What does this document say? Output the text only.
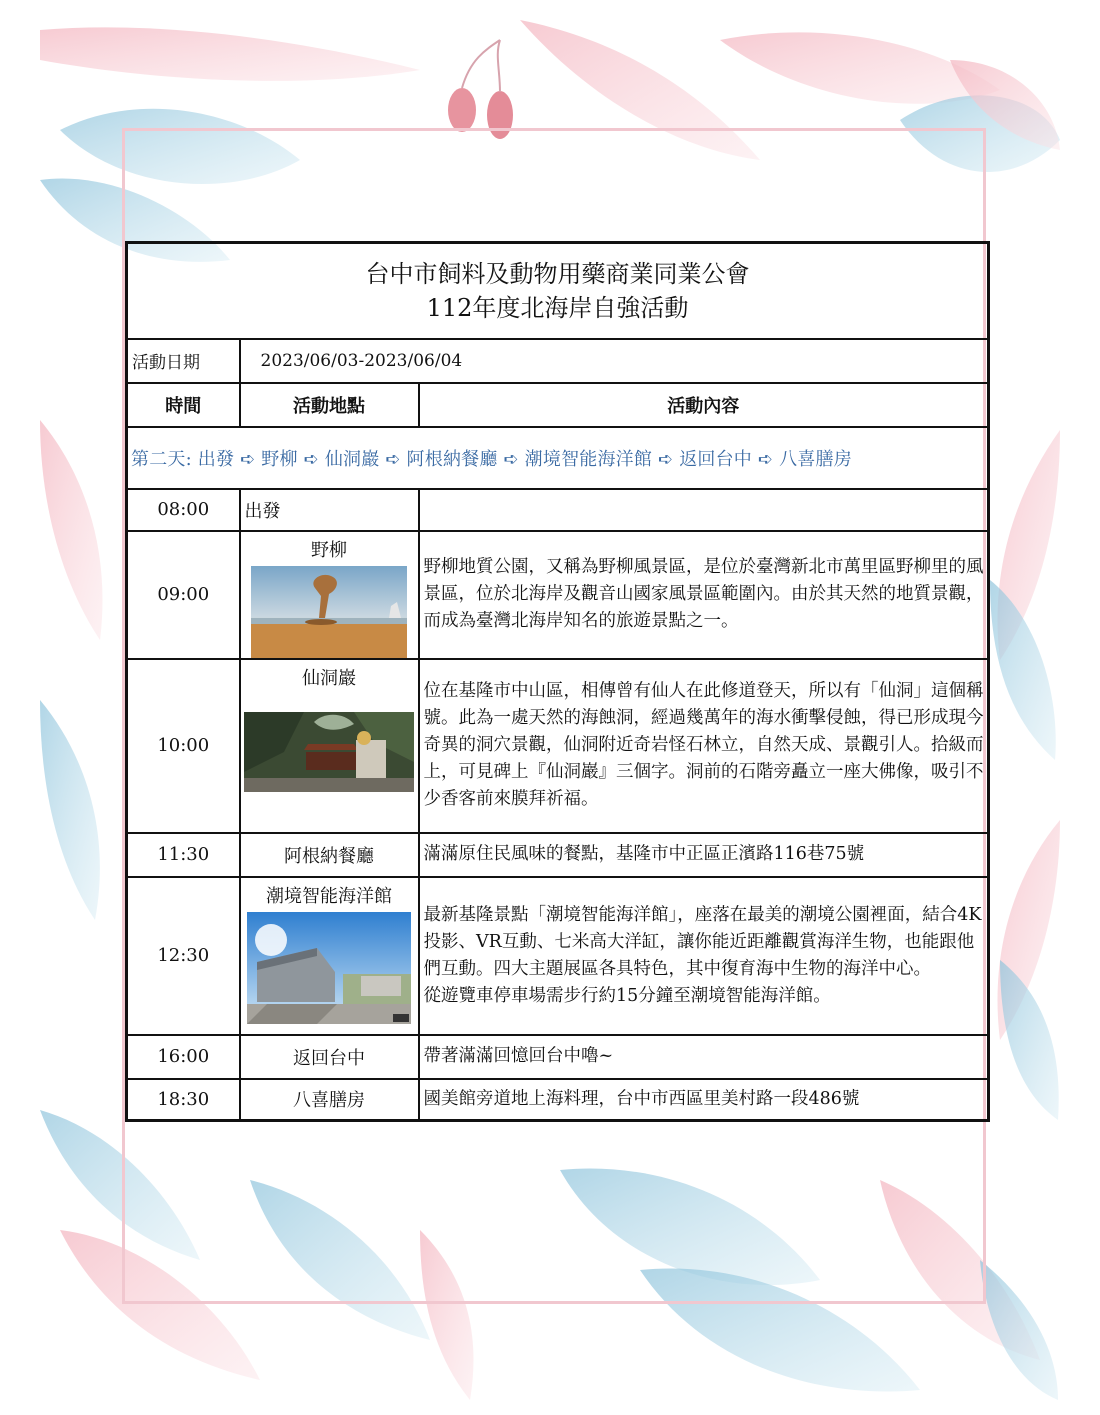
台中市飼料及動物用藥商業同業公會
112年度北海岸自強活動		

活動日期	2023/06/03-2023/06/04	
時間	活動地點	活動內容
第二天: 出發 ➪ 野柳 ➪ 仙洞巖 ➪ 阿根納餐廳 ➪ 潮境智能海洋館 ➪ 返回台中 ➪ 八喜膳房		
08:00	出發	
09:00	野柳	野柳地質公園，又稱為野柳風景區，是位於臺灣新北市萬里區野柳里的風景區，位於北海岸及觀音山國家風景區範圍內。由於其天然的地質景觀，而成為臺灣北海岸知名的旅遊景點之一。
10:00	仙洞巖	位在基隆市中山區，相傳曾有仙人在此修道登天，所以有「仙洞」這個稱號。此為一處天然的海蝕洞，經過幾萬年的海水衝擊侵蝕，得已形成現今奇異的洞穴景觀，仙洞附近奇岩怪石林立，自然天成、景觀引人。拾級而上，可見碑上『仙洞巖』三個字。洞前的石階旁矗立一座大佛像，吸引不少香客前來膜拜祈福。
11:30	阿根納餐廳	滿滿原住民風味的餐點，基隆市中正區正濱路116巷75號
12:30	潮境智能海洋館	最新基隆景點「潮境智能海洋館」，座落在最美的潮境公園裡面，結合4K投影、VR互動、七米高大洋缸，讓你能近距離觀賞海洋生物，也能跟他們互動。四大主題展區各具特色，其中復育海中生物的海洋中心。
從遊覽車停車場需步行約15分鐘至潮境智能海洋館。

16:00	返回台中	帶著滿滿回憶回台中嚕~
18:30	八喜膳房	國美館旁道地上海料理，台中市西區里美村路一段486號
